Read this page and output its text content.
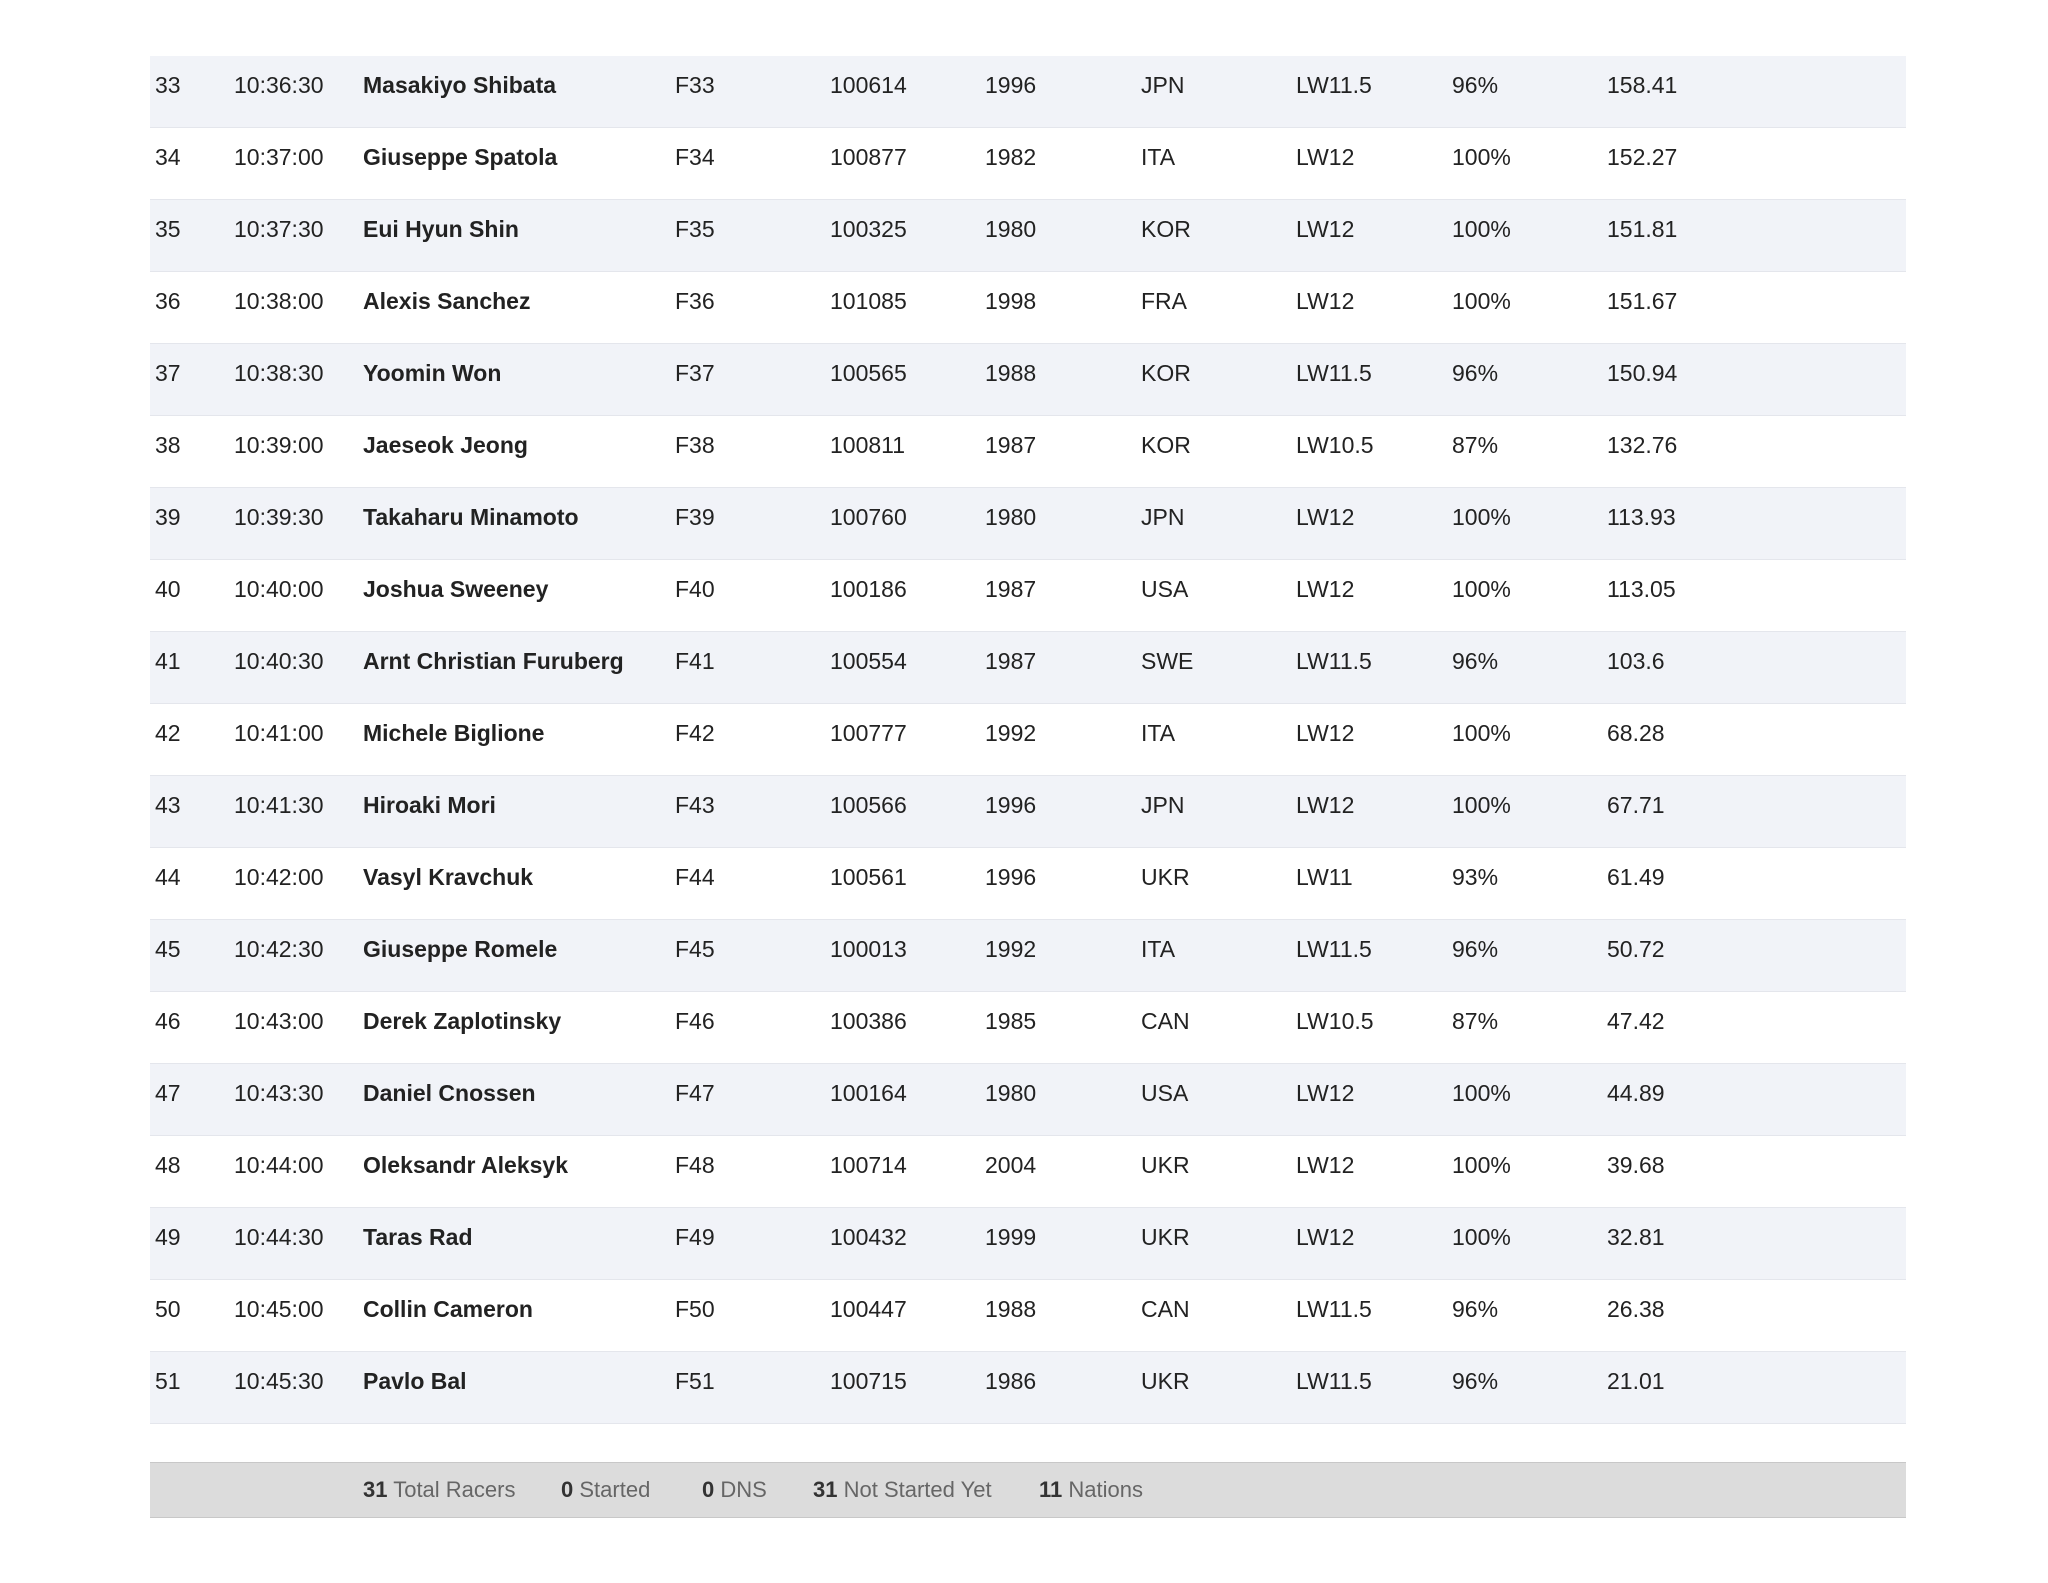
33 10:36:30 Masakiyo Shibata	F33	100614	1996	JPN	LW11.5	96%	158.41
34 10:37:00 Giuseppe Spatola	F34	100877	1982	ITA	LW12	100%	152.27
35 10:37:30 Eui Hyun Shin	F35	100325	1980	KOR	LW12	100%	151.81
36 10:38:00 Alexis Sanchez	F36	101085	1998	FRA	LW12	100%	151.67
37 10:38:30 Yoomin Won	F37	100565	1988	KOR	LW11.5	96%	150.94
38 10:39:00 Jaeseok Jeong	F38	100811	1987	KOR	LW10.5	87%	132.76
39 10:39:30 Takaharu Minamoto	F39	100760	1980	JPN	LW12	100%	113.93
40 10:40:00 Joshua Sweeney	F40	100186	1987	USA	LW12	100%	113.05
41 10:40:30 Arnt Christian Furuberg F41	100554	1987	SWE	LW11.5	96%	103.6
42 10:41:00 Michele Biglione	F42	100777	1992	ITA	LW12	100%	68.28
43 10:41:30 Hiroaki Mori	F43	100566	1996	JPN	LW12	100%	67.71
44 10:42:00 Vasyl Kravchuk	F44	100561	1996	UKR	LW11	93%	61.49
45 10:42:30 Giuseppe Romele	F45	100013	1992	ITA	LW11.5	96%	50.72
46 10:43:00 Derek Zaplotinsky	F46	100386	1985	CAN	LW10.5	87%	47.42
47 10:43:30 Daniel Cnossen	F47	100164	1980	USA	LW12	100%	44.89
48 10:44:00 Oleksandr Aleksyk	F48	100714	2004	UKR	LW12	100%	39.68
49 10:44:30 Taras Rad	F49	100432	1999	UKR	LW12	100%	32.81
50 10:45:00 Collin Cameron	F50	100447	1988	CAN	LW11.5	96%	26.38
51 10:45:30 Pavlo Bal	F51	100715	1986	UKR	LW11.5	96%	21.01
31 Total Racers 0 Started 0 DNS 31 Not Started Yet 11 Nations
